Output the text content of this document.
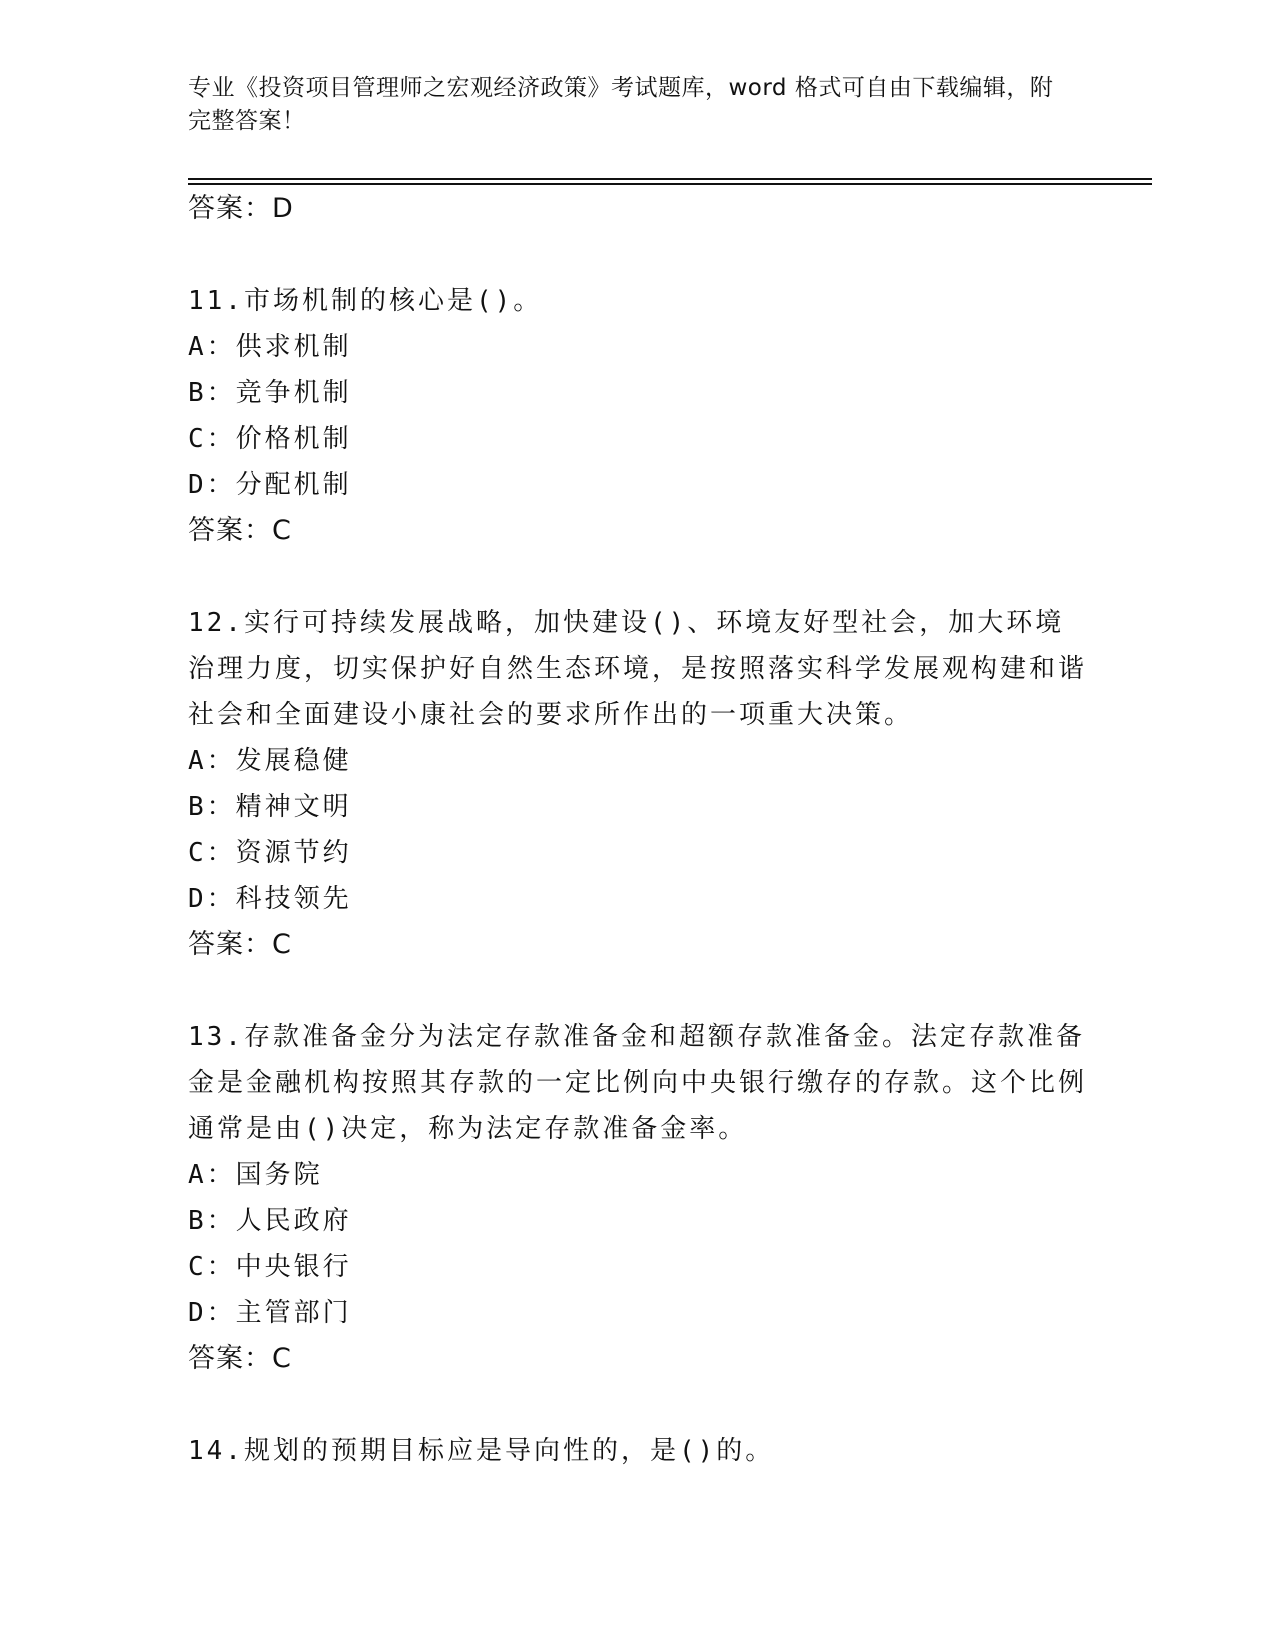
专业《投资项目管理师之宏观经济政策》考试题库，word 格式可自由下载编辑，附完整答案！
答案：D
11.市场机制的核心是()。
A：供求机制
B：竞争机制
C：价格机制
D：分配机制
答案：C
12.实行可持续发展战略，加快建设()、环境友好型社会，加大环境治理力度，切实保护好自然生态环境，是按照落实科学发展观构建和谐社会和全面建设小康社会的要求所作出的一项重大决策。
A：发展稳健
B：精神文明
C：资源节约
D：科技领先
答案：C
13.存款准备金分为法定存款准备金和超额存款准备金。法定存款准备金是金融机构按照其存款的一定比例向中央银行缴存的存款。这个比例通常是由()决定，称为法定存款准备金率。
A：国务院
B：人民政府
C：中央银行
D：主管部门
答案：C
14.规划的预期目标应是导向性的，是()的。
